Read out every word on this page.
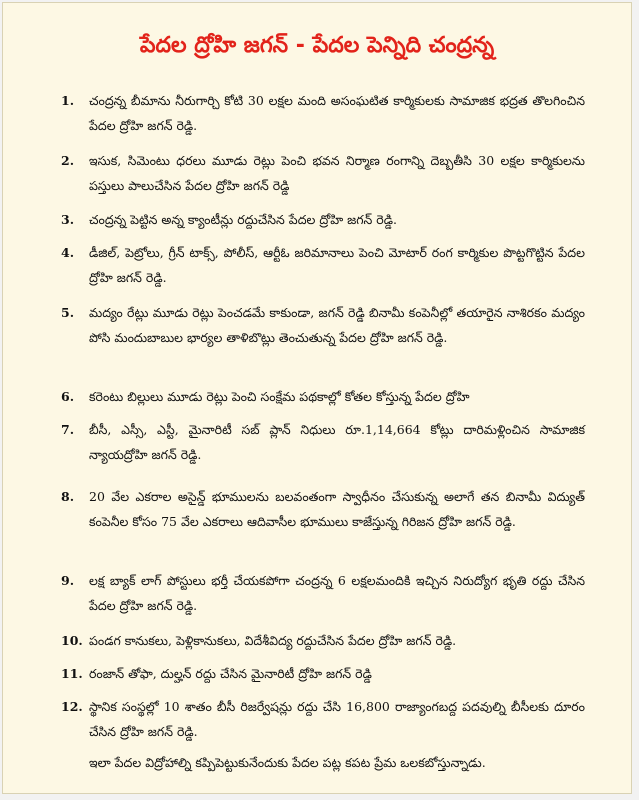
పేదల ద్రోహి జగన్ - పేదల పెన్నిది చంద్రన్న
1.	చంద్రన్న బీమాను నీరుగార్చి కోటి 30 లక్షల మంది అసంఘటిత కార్మికులకు సామాజిక భద్రత తొలగించిన పేదల ద్రోహి జగన్ రెడ్డి.
2.	ఇసుక, సిమెంటు ధరలు మూడు రెట్లు పెంచి భవన నిర్మాణ రంగాన్ని దెబ్బతీసి 30 లక్షల కార్మికులను పస్తులు పాలుచేసిన పేదల ద్రోహి జగన్ రెడ్డి
3.	చంద్రన్న పెట్టిన అన్న క్యాంటీన్లు రద్దుచేసిన పేదల ద్రోహి జగన్ రెడ్డి.
4.	డీజిల్, పెట్రోలు, గ్రీన్ టాక్స్, పోలీస్, ఆర్టీఓ జరిమానాలు పెంచి మోటార్ రంగ కార్మికుల పొట్టగొట్టిన పేదల ద్రోహి జగన్ రెడ్డి.
5.	మద్యం రేట్లు మూడు రెట్లు పెంచడమే కాకుండా, జగన్ రెడ్డి బినామీ కంపెనీల్లో తయారైన నాశిరకం మద్యం పోసి మందుబాబుల భార్యల తాళిబొట్లు తెంచుతున్న పేదల ద్రోహి జగన్ రెడ్డి.
6.	కరెంటు బిల్లులు మూడు రెట్లు పెంచి సంక్షేమ పథకాల్లో కోతల కోస్తున్న పేదల ద్రోహి
7.	బీసీ, ఎస్సీ, ఎస్టీ, మైనారిటీ సబ్ ప్లాన్ నిధులు రూ.1,14,664 కోట్లు దారిమళ్లించిన సామాజిక న్యాయద్రోహి జగన్ రెడ్డి.
8.	20 వేల ఎకరాల అసైన్డ్ భూములను బలవంతంగా స్వాధీనం చేసుకున్న అలాగే తన బినామీ విద్యుత్ కంపెనీల కోసం 75 వేల ఎకరాలు ఆదివాసీల భూములు కాజేస్తున్న గిరిజన ద్రోహి జగన్ రెడ్డి.
9.	లక్ష బ్యాక్ లాగ్ పోస్టులు భర్తీ చేయకపోగా చంద్రన్న 6 లక్షలమందికి ఇచ్చిన నిరుద్యోగ భృతి రద్దు చేసిన పేదల ద్రోహి జగన్ రెడ్డి.
10. పండగ కానుకలు, పెళ్లికానుకలు, విదేశీవిద్య రద్దుచేసిన పేదల ద్రోహి జగన్ రెడ్డి.
11. రంజాన్ తోఫా, దుల్హన్ రద్దు చేసిన మైనారిటీ ద్రోహి జగన్ రెడ్డి
12. స్థానిక సంస్థల్లో 10 శాతం బీసీ రిజర్వేషన్లు రద్దు చేసి 16,800 రాజ్యాంగబద్ద పదవుల్ని బీసీలకు దూరం చేసిన ద్రోహి జగన్ రెడ్డి.
ఇలా పేదల విద్రోహాల్ని కప్పిపెట్టుకునేందుకు పేదల పట్ల కపట ప్రేమ ఒలకబోస్తున్నాడు.
